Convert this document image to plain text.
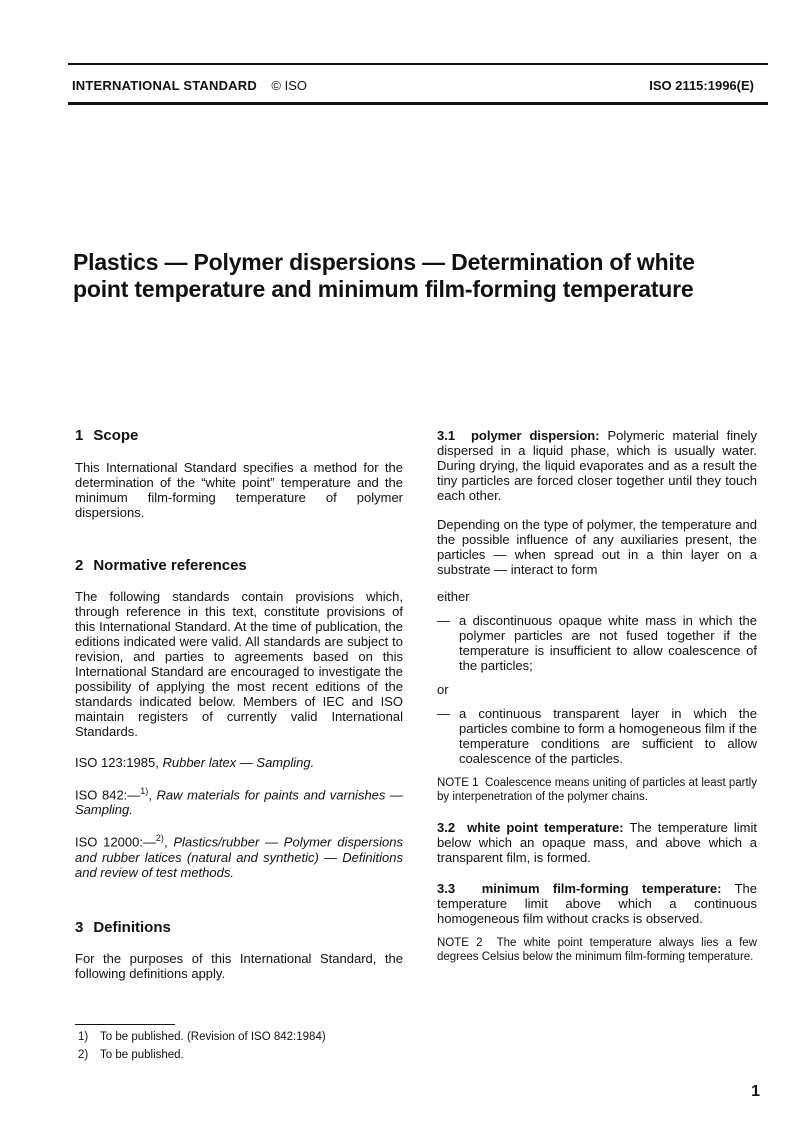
INTERNATIONAL STANDARD © ISO	ISO 2115:1996(E)
Plastics — Polymer dispersions — Determination of white point temperature and minimum film-forming temperature
1 Scope

This International Standard specifies a method for the determination of the “white point” temperature and the minimum film-forming temperature of polymer dispersions.

2 Normative references

The following standards contain provisions which, through reference in this text, constitute provisions of this International Standard. At the time of publication, the editions indicated were valid. All standards are subject to revision, and parties to agreements based on this International Standard are encouraged to investigate the possibility of applying the most recent editions of the standards indicated below. Members of IEC and ISO maintain registers of currently valid International Standards.

ISO 123:1985, Rubber latex — Sampling.

ISO 842:—$^{1)}$, Raw materials for paints and varnishes — Sampling.

ISO 12000:—$^{2)}$, Plastics/rubber — Polymer dispersions and rubber latices (natural and synthetic) — Definitions and review of test methods.

3 Definitions

For the purposes of this International Standard, the following definitions apply.

3.1 polymer dispersion: Polymeric material finely dispersed in a liquid phase, which is usually water. During drying, the liquid evaporates and as a result the tiny particles are forced closer together until they touch each other.

Depending on the type of polymer, the temperature and the possible influence of any auxiliaries present, the particles — when spread out in a thin layer on a substrate — interact to form

either

— a discontinuous opaque white mass in which the polymer particles are not fused together if the temperature is insufficient to allow coalescence of the particles;

or

— a continuous transparent layer in which the particles combine to form a homogeneous film if the temperature conditions are sufficient to allow coalescence of the particles.

NOTE 1 Coalescence means uniting of particles at least partly by interpenetration of the polymer chains.

3.2 white point temperature: The temperature limit below which an opaque mass, and above which a transparent film, is formed.

3.3 minimum film-forming temperature: The temperature limit above which a continuous homogeneous film without cracks is observed.

NOTE 2 The white point temperature always lies a few degrees Celsius below the minimum film-forming temperature.

1) To be published. (Revision of ISO 842:1984)
2) To be published.
1
